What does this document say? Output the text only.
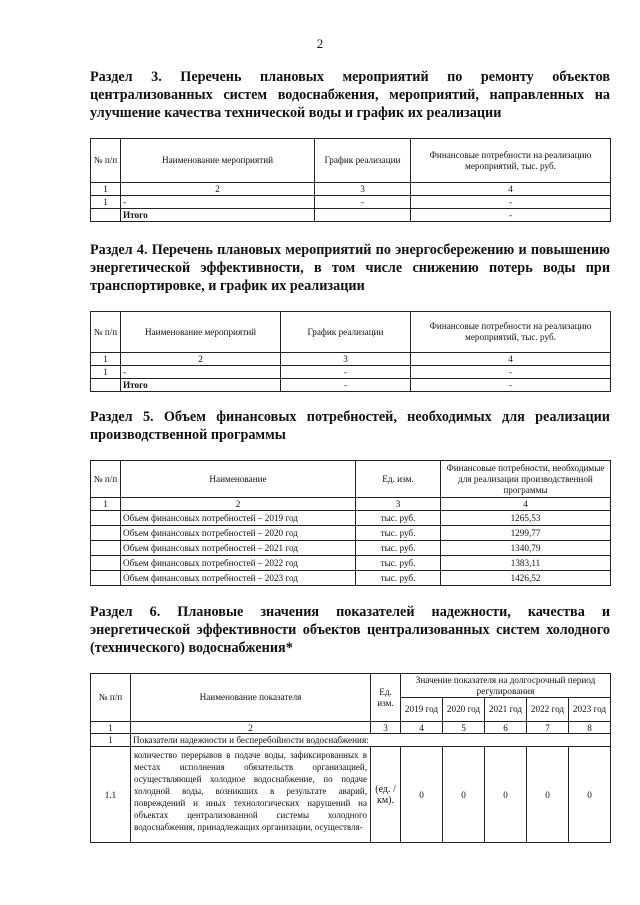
2
Раздел 3. Перечень плановых мероприятий по ремонту объектов централизованных систем водоснабжения, мероприятий, направленных на улучшение качества технической воды и график их реализации
№ п/п	Наименование мероприятий	График реализации	Финансовые потребности на реализацию мероприятий, тыс. руб.
1	2	3	4
1	-	-	-
	Итого		-
Раздел 4. Перечень плановых мероприятий по энергосбережению и повышению энергетической эффективности, в том числе снижению потерь воды при транспортировке, и график их реализации
№ п/п	Наименование мероприятий	График реализации	Финансовые потребности на реализацию мероприятий, тыс. руб.
1	2	3	4
1	-	-	-
	Итого	-	-
Раздел 5. Объем финансовых потребностей, необходимых для реализации производственной программы
№ п/п	Наименование	Ед. изм.	Финансовые потребности, необходимые для реализации производственной программы
1	2	3	4
	Объем финансовых потребностей – 2019 год	тыс. руб.	1265,53
	Объем финансовых потребностей – 2020 год	тыс. руб.	1299,77
	Объем финансовых потребностей – 2021 год	тыс. руб.	1340,79
	Объем финансовых потребностей – 2022 год	тыс. руб.	1383,11
	Объем финансовых потребностей – 2023 год	тыс. руб.	1426,52
Раздел 6. Плановые значения показателей надежности, качества и энергетической эффективности объектов централизованных систем холодного (технического) водоснабжения*
№ п/п	Наименование показателя	Ед. изм.	Значение показателя на долгосрочный период регулирования				
			2019 год	2020 год	2021 год	2022 год	2023 год
1	2	3	4	5	6	7	8
1	Показатели надежности и бесперебойности водоснабжения:						
1.1	количество перерывов в подаче воды, зафиксированных в местах исполнения обязательств организацией, осуществляющей холодное водоснабжение, по подаче холодной воды, возникших в результате аварий, повреждений и иных технологических нарушений на объектах централизованной системы холодного водоснабжения, принадлежащих организации, осуществля-	(ед. / км).	0	0	0	0	0
